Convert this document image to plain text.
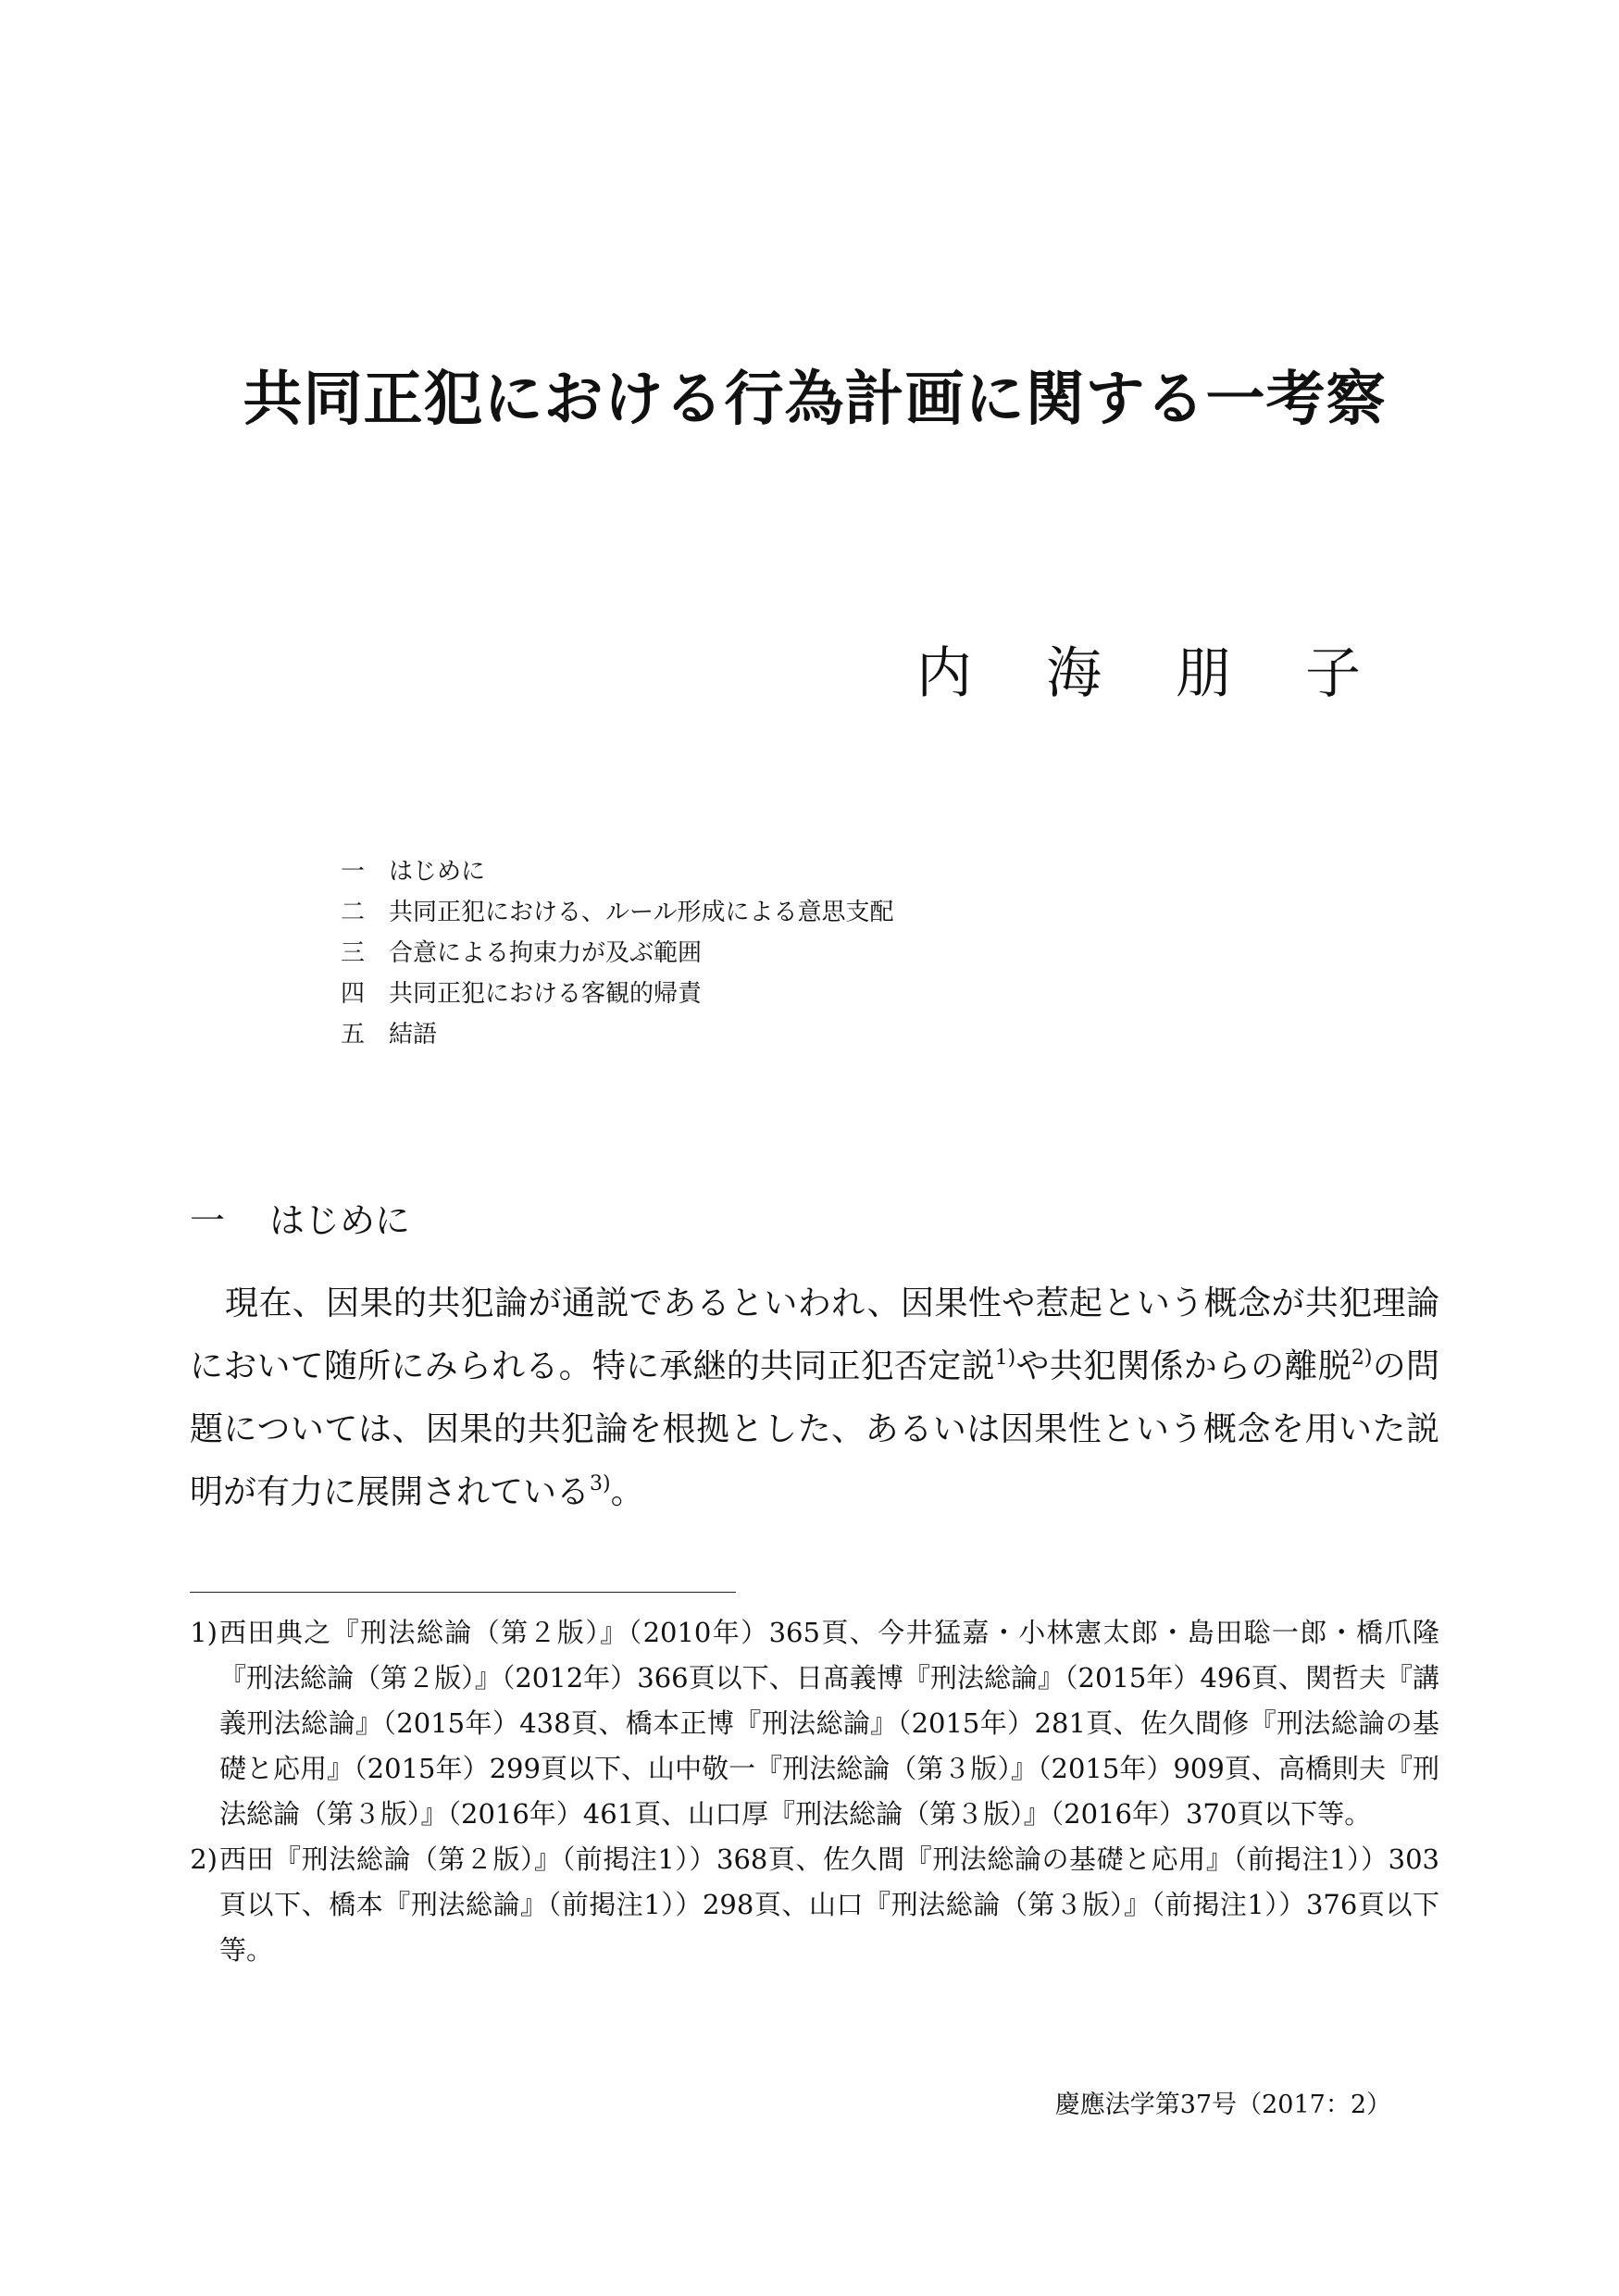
共同正犯における行為計画に関する一考察
内 海 朋 子
一 はじめに
二 共同正犯における、ルール形成による意思支配
三 合意による拘束力が及ぶ範囲
四 共同正犯における客観的帰責
五 結語
一	はじめに

現在、因果的共犯論が通説であるといわれ、因果性や惹起という概念が共犯理論において随所にみられる。特に承継的共同正犯否定説$^{1)}$や共犯関係からの離脱$^{2)}$の問題については、因果的共犯論を根拠とした、あるいは因果性という概念を用いた説明が有力に展開されている$^{3)}$。

1) 西田典之『刑法総論（第２版）』（2010年）365頁、今井猛嘉・小林憲太郎・島田聡一郎・橋爪隆『刑法総論（第２版）』（2012年）366頁以下、日髙義博『刑法総論』（2015年）496頁、関哲夫『講義刑法総論』（2015年）438頁、橋本正博『刑法総論』（2015年）281頁、佐久間修『刑法総論の基礎と応用』（2015年）299頁以下、山中敬一『刑法総論（第３版）』（2015年）909頁、高橋則夫『刑法総論（第３版）』（2016年）461頁、山口厚『刑法総論（第３版）』（2016年）370頁以下等。
2) 西田『刑法総論（第２版）』（前掲注1））368頁、佐久間『刑法総論の基礎と応用』（前掲注1））303頁以下、橋本『刑法総論』（前掲注1））298頁、山口『刑法総論（第３版）』（前掲注1））376頁以下等。
慶應法学第37号（2017：2）
